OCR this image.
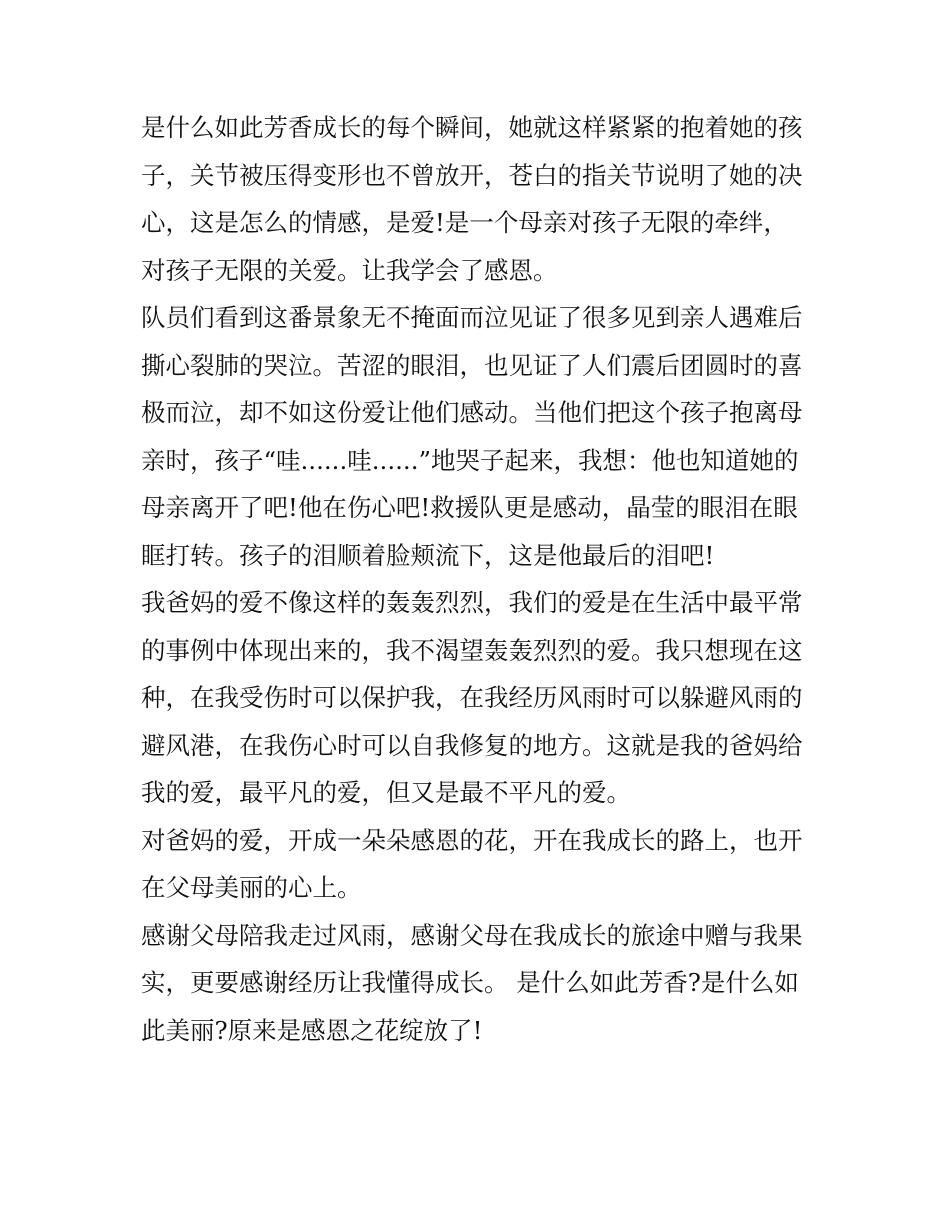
是什么如此芳香成长的每个瞬间，她就这样紧紧的抱着她的孩
子，关节被压得变形也不曾放开，苍白的指关节说明了她的决
心，这是怎么的情感，是爱!是一个母亲对孩子无限的牵绊，
对孩子无限的关爱。让我学会了感恩。
队员们看到这番景象无不掩面而泣见证了很多见到亲人遇难后
撕心裂肺的哭泣。苦涩的眼泪，也见证了人们震后团圆时的喜
极而泣，却不如这份爱让他们感动。当他们把这个孩子抱离母
亲时，孩子“哇......哇......”地哭子起来，我想：他也知道她的
母亲离开了吧!他在伤心吧!救援队更是感动，晶莹的眼泪在眼
眶打转。孩子的泪顺着脸颊流下，这是他最后的泪吧!
我爸妈的爱不像这样的轰轰烈烈，我们的爱是在生活中最平常
的事例中体现出来的，我不渴望轰轰烈烈的爱。我只想现在这
种，在我受伤时可以保护我，在我经历风雨时可以躲避风雨的
避风港，在我伤心时可以自我修复的地方。这就是我的爸妈给
我的爱，最平凡的爱，但又是最不平凡的爱。
对爸妈的爱，开成一朵朵感恩的花，开在我成长的路上，也开
在父母美丽的心上。
感谢父母陪我走过风雨，感谢父母在我成长的旅途中赠与我果
实，更要感谢经历让我懂得成长。 是什么如此芳香?是什么如
此美丽?原来是感恩之花绽放了!
